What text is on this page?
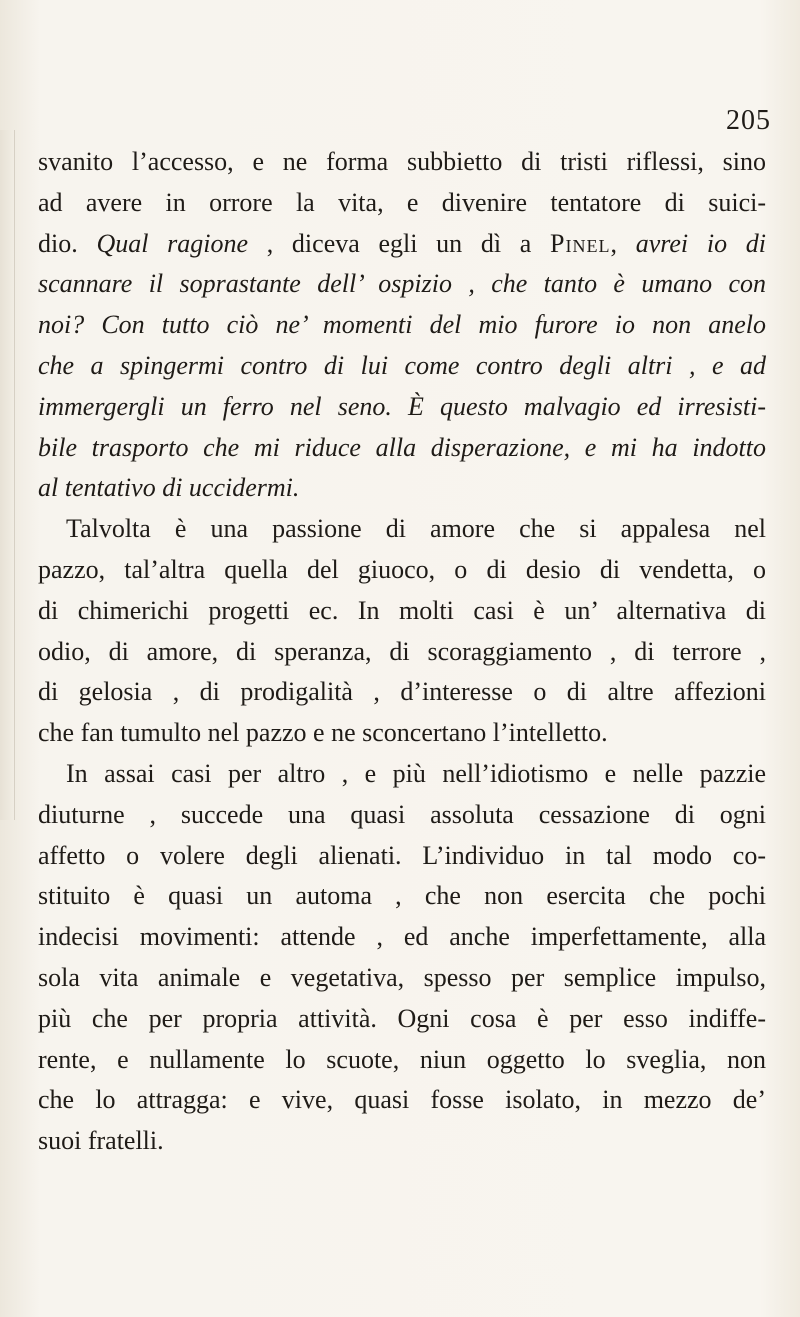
205

svanito l’accesso, e ne forma subbietto di tristi riflessi, sino

ad avere in orrore la vita, e divenire tentatore di suici-

dio. Qual ragione , diceva egli un dì a Pinel, avrei io di

scannare il soprastante dell’ ospizio , che tanto è umano con

noi? Con tutto ciò ne’ momenti del mio furore io non anelo

che a spingermi contro di lui come contro degli altri , e ad

immergergli un ferro nel seno. È questo malvagio ed irresisti-

bile trasporto che mi riduce alla disperazione, e mi ha indotto

al tentativo di uccidermi.

Talvolta è una passione di amore che si appalesa nel

pazzo, tal’altra quella del giuoco, o di desio di vendetta, o

di chimerichi progetti ec. In molti casi è un’ alternativa di

odio, di amore, di speranza, di scoraggiamento , di terrore ,

di gelosia , di prodigalità , d’interesse o di altre affezioni

che fan tumulto nel pazzo e ne sconcertano l’intelletto.

In assai casi per altro , e più nell’idiotismo e nelle pazzie

diuturne , succede una quasi assoluta cessazione di ogni

affetto o volere degli alienati. L’individuo in tal modo co-

stituito è quasi un automa , che non esercita che pochi

indecisi movimenti: attende , ed anche imperfettamente, alla

sola vita animale e vegetativa, spesso per semplice impulso,

più che per propria attività. Ogni cosa è per esso indiffe-

rente, e nullamente lo scuote, niun oggetto lo sveglia, non

che lo attragga: e vive, quasi fosse isolato, in mezzo de’

suoi fratelli.
